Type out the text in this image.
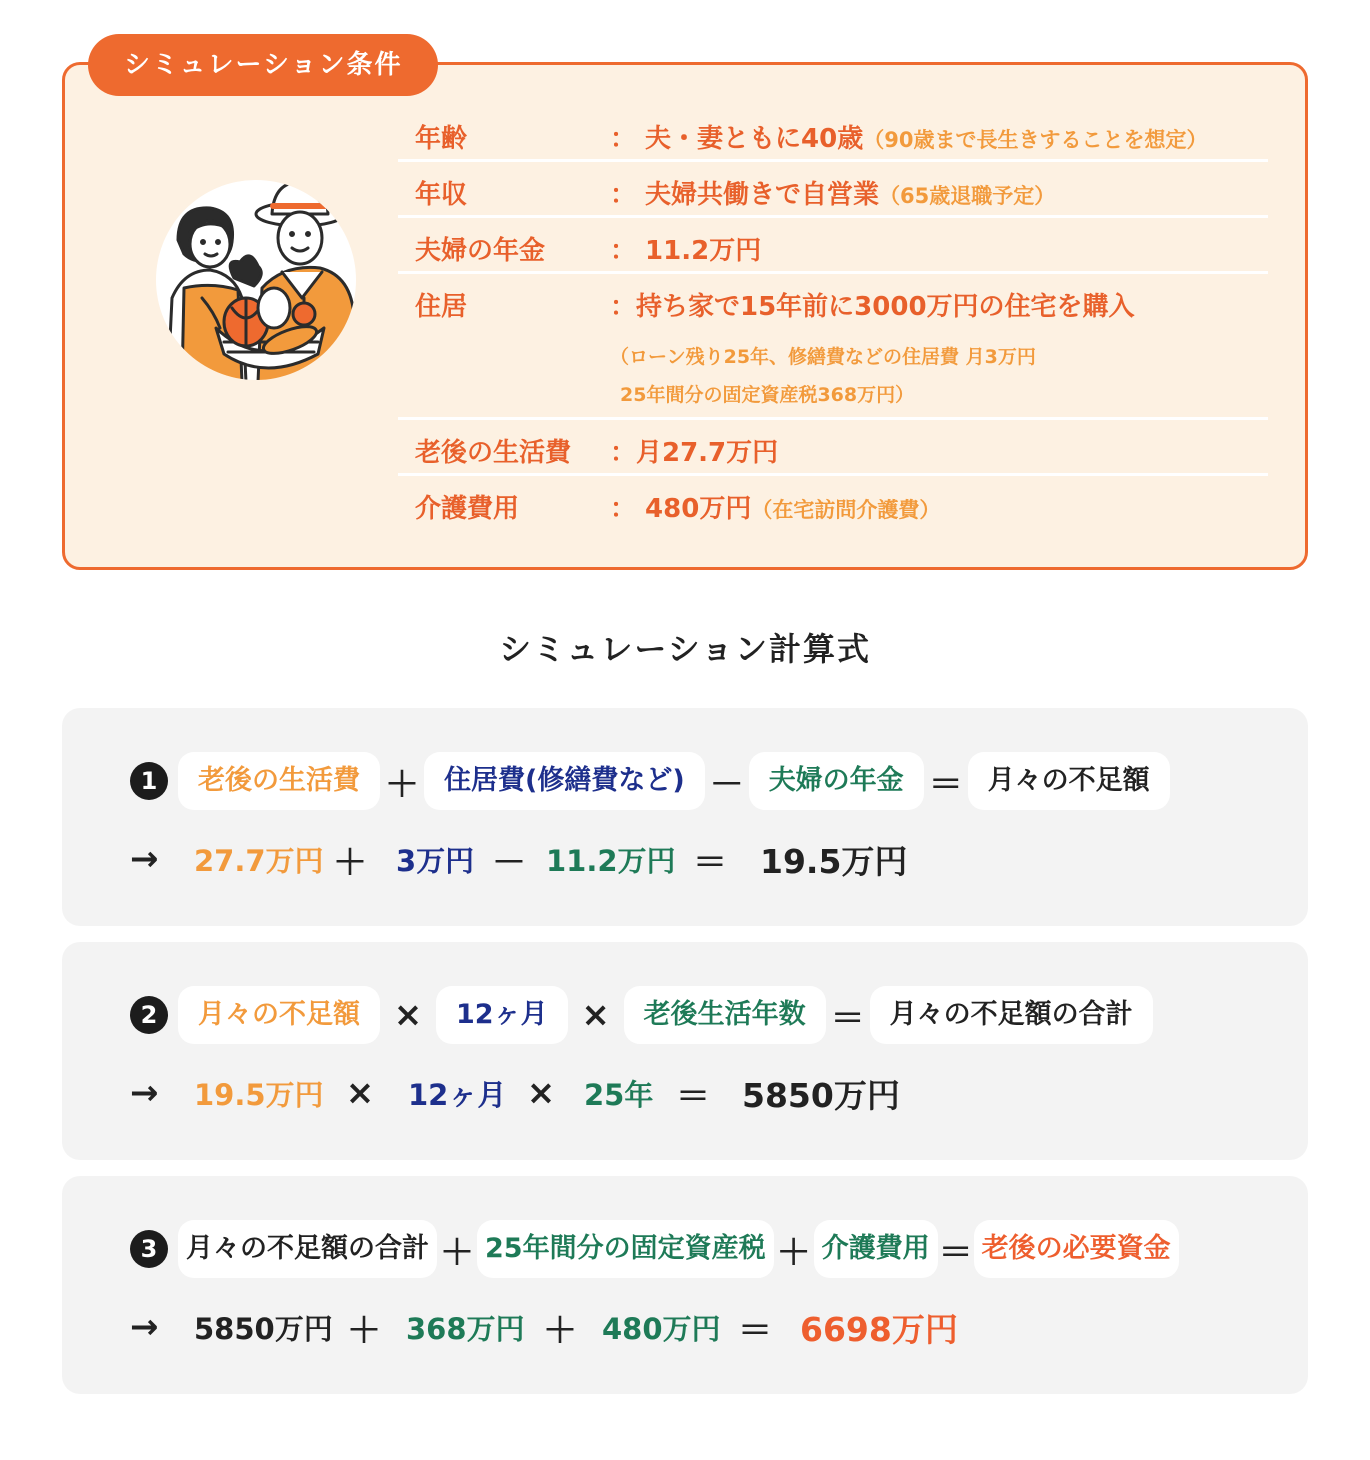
シミュレーション条件
年齢	： 夫・妻ともに40歳（90歳まで長生きすることを想定）
年収	： 夫婦共働きで自営業（65歳退職予定）
夫婦の年金 ： 11.2万円
住居	：持ち家で15年前に3000万円の住宅を購入
（ローン残り25年、修繕費などの住居費 月3万円
25年間分の固定資産税368万円）
老後の生活費 ：月27.7万円
介護費用	： 480万円（在宅訪問介護費）
シミュレーション計算式
1	老後の生活費 ＋ 住居費(修繕費など) － 夫婦の年金 ＝ 月々の不足額
→	27.7万円 ＋	3万円 － 11.2万円 ＝	19.5万円
2	月々の不足額 ×	12ヶ月 ×	老後生活年数 ＝ 月々の不足額の合計
→	19.5万円 ×	12ヶ月 × 25年 ＝ 5850万円
3	月々の不足額の合計 ＋ 25年間分の固定資産税 ＋ 介護費用 ＝ 老後の必要資金
→	5850万円 ＋ 368万円 ＋ 480万円 ＝ 6698万円
